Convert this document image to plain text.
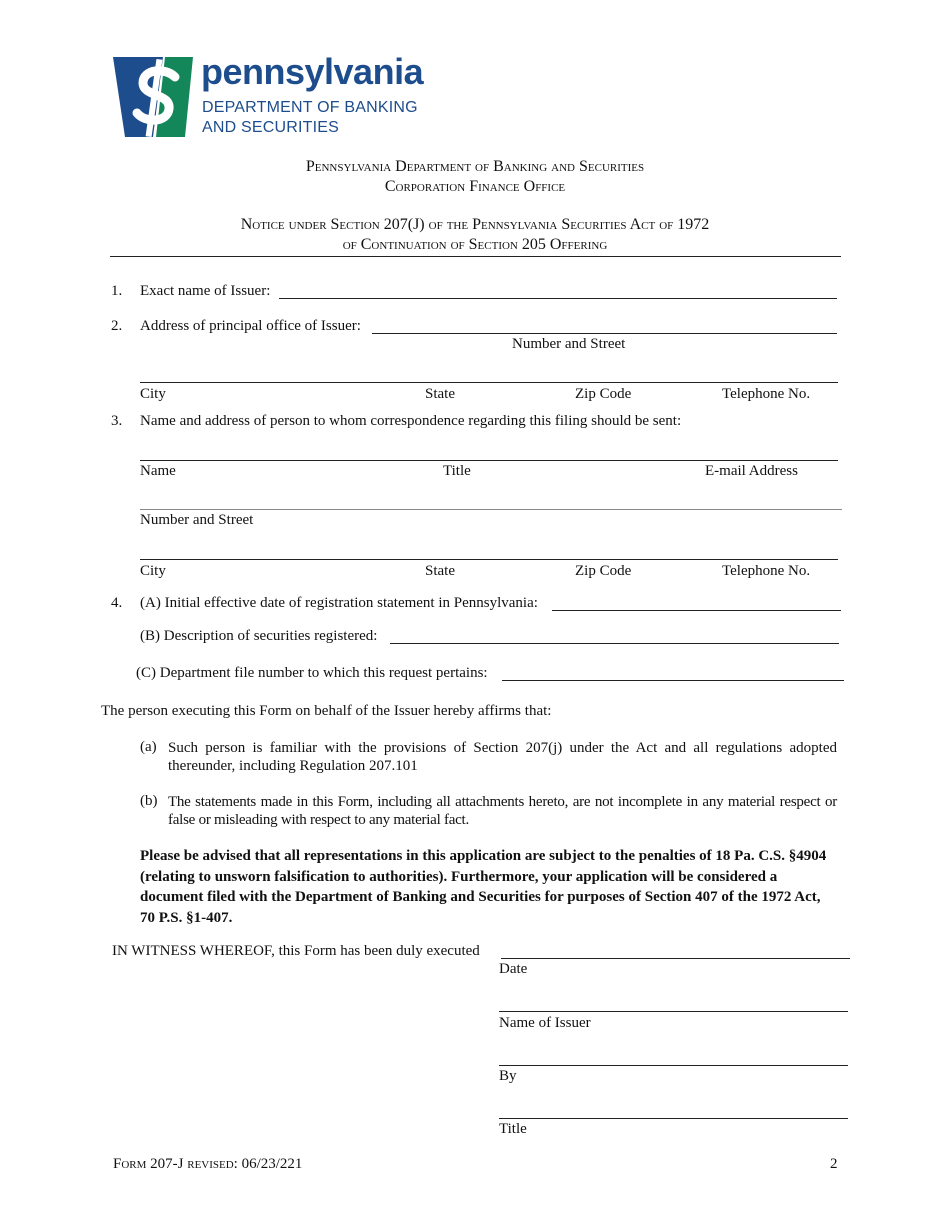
pennsylvania
DEPARTMENT OF BANKING
AND SECURITIES
Pennsylvania Department of Banking and Securities
Corporation Finance Office
Notice under Section 207(J) of the Pennsylvania Securities Act of 1972
of Continuation of Section 205 Offering
1. Exact name of Issuer:
2. Address of principal office of Issuer:
Number and Street
City	State	Zip Code	Telephone No.
3. Name and address of person to whom correspondence regarding this filing should be sent:
Name	Title	E-mail Address
Number and Street
City	State	Zip Code	Telephone No.
4. (A) Initial effective date of registration statement in Pennsylvania:
(B) Description of securities registered:
(C) Department file number to which this request pertains:
The person executing this Form on behalf of the Issuer hereby affirms that:
(a) Such person is familiar with the provisions of Section 207(j) under the Act and all regulations adopted thereunder, including Regulation 207.101
(b) The statements made in this Form, including all attachments hereto, are not incomplete in any material respect or false or misleading with respect to any material fact.
Please be advised that all representations in this application are subject to the penalties of 18 Pa. C.S. §4904 (relating to unsworn falsification to authorities). Furthermore, your application will be considered a document filed with the Department of Banking and Securities for purposes of Section 407 of the 1972 Act, 70 P.S. §1-407.
IN WITNESS WHEREOF, this Form has been duly executed
Date
Name of Issuer
By
Title
Form 207-J revised: 06/23/221	2
